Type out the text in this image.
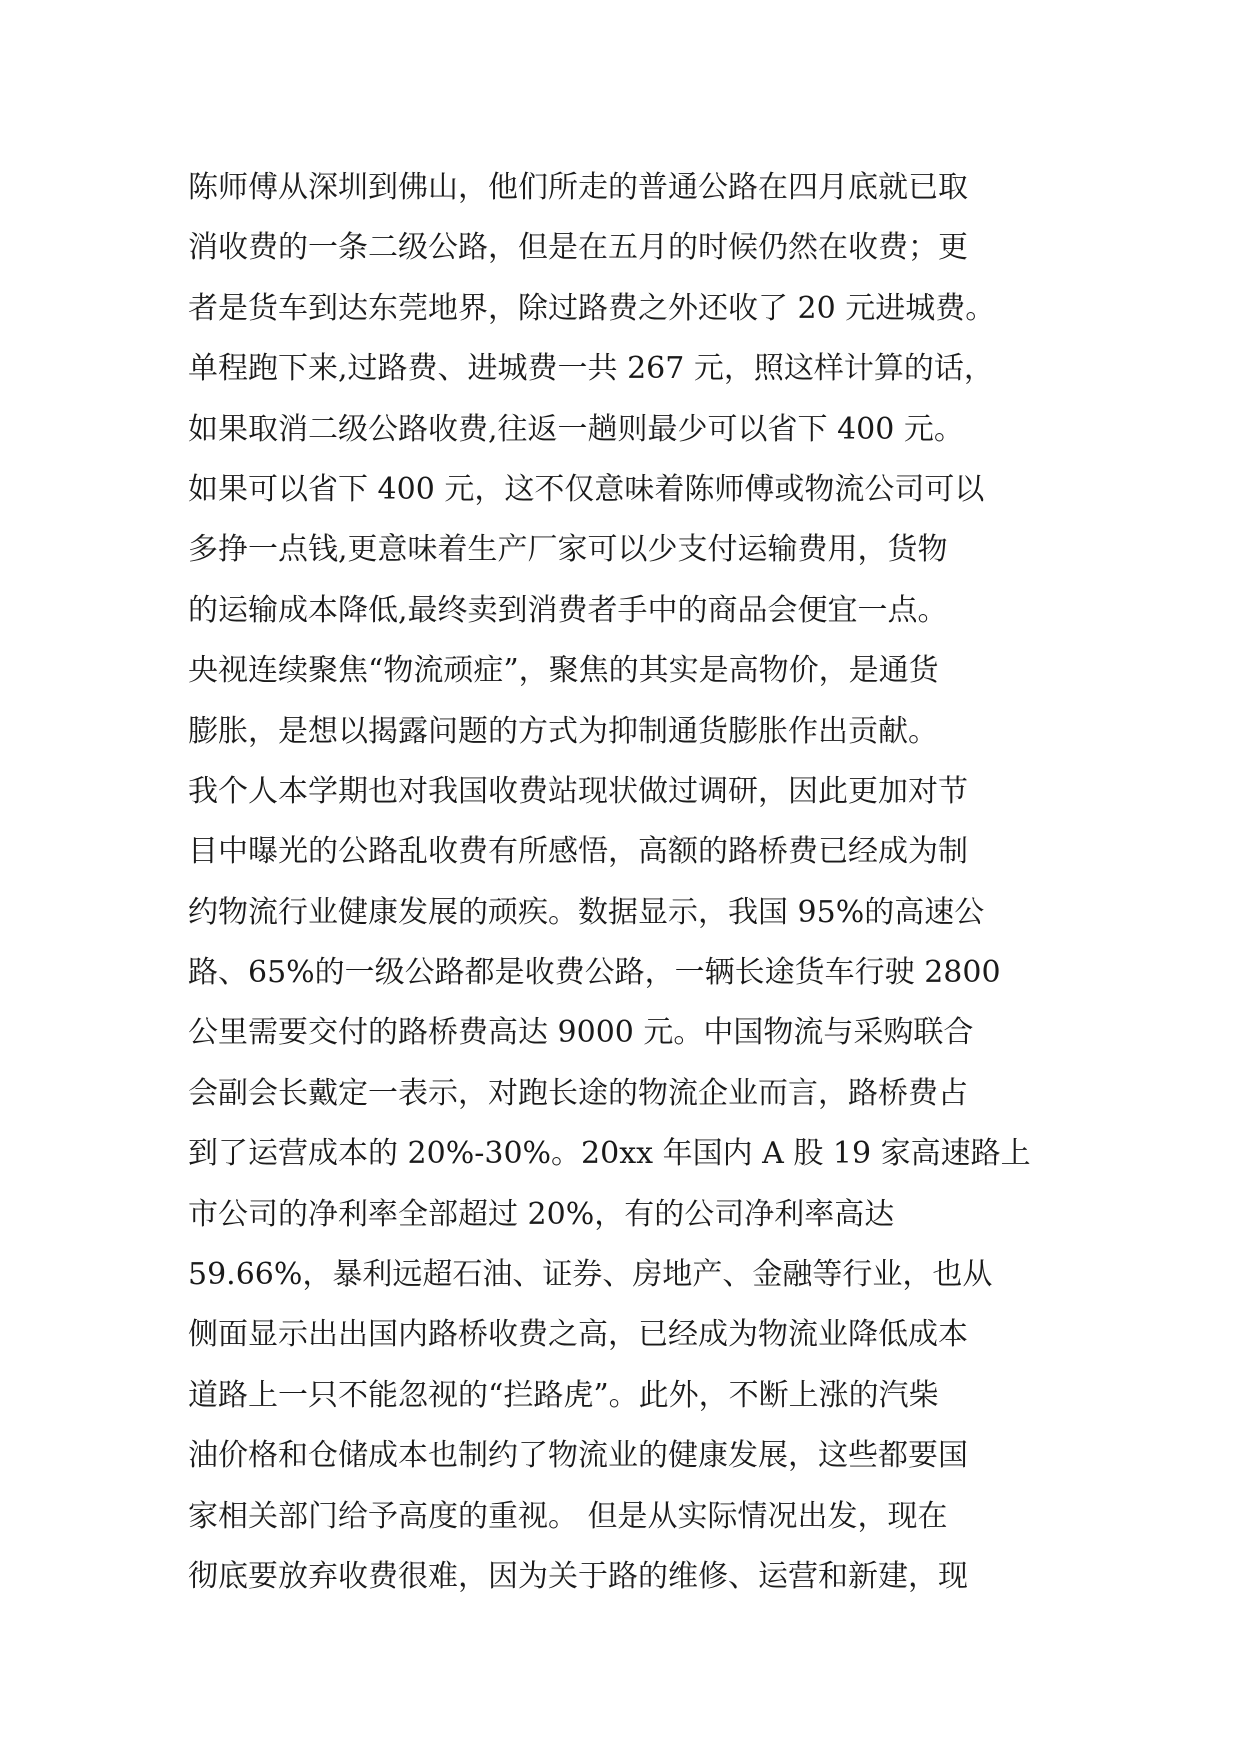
陈师傅从深圳到佛山，他们所走的普通公路在四月底就已取
消收费的一条二级公路，但是在五月的时候仍然在收费；更
者是货车到达东莞地界，除过路费之外还收了 20 元进城费。
单程跑下来,过路费、进城费一共 267 元，照这样计算的话，
如果取消二级公路收费,往返一趟则最少可以省下 400 元。
如果可以省下 400 元，这不仅意味着陈师傅或物流公司可以
多挣一点钱,更意味着生产厂家可以少支付运输费用，货物
的运输成本降低,最终卖到消费者手中的商品会便宜一点。
央视连续聚焦“物流顽症”，聚焦的其实是高物价，是通货
膨胀，是想以揭露问题的方式为抑制通货膨胀作出贡献。
我个人本学期也对我国收费站现状做过调研，因此更加对节
目中曝光的公路乱收费有所感悟，高额的路桥费已经成为制
约物流行业健康发展的顽疾。数据显示，我国 95%的高速公
路、65%的一级公路都是收费公路，一辆长途货车行驶 2800
公里需要交付的路桥费高达 9000 元。中国物流与采购联合
会副会长戴定一表示，对跑长途的物流企业而言，路桥费占
到了运营成本的 20%-30%。20xx 年国内 A 股 19 家高速路上
市公司的净利率全部超过 20%，有的公司净利率高达
59.66%，暴利远超石油、证券、房地产、金融等行业，也从
侧面显示出出国内路桥收费之高，已经成为物流业降低成本
道路上一只不能忽视的“拦路虎”。此外，不断上涨的汽柴
油价格和仓储成本也制约了物流业的健康发展，这些都要国
家相关部门给予高度的重视。 但是从实际情况出发，现在
彻底要放弃收费很难，因为关于路的维修、运营和新建，现
